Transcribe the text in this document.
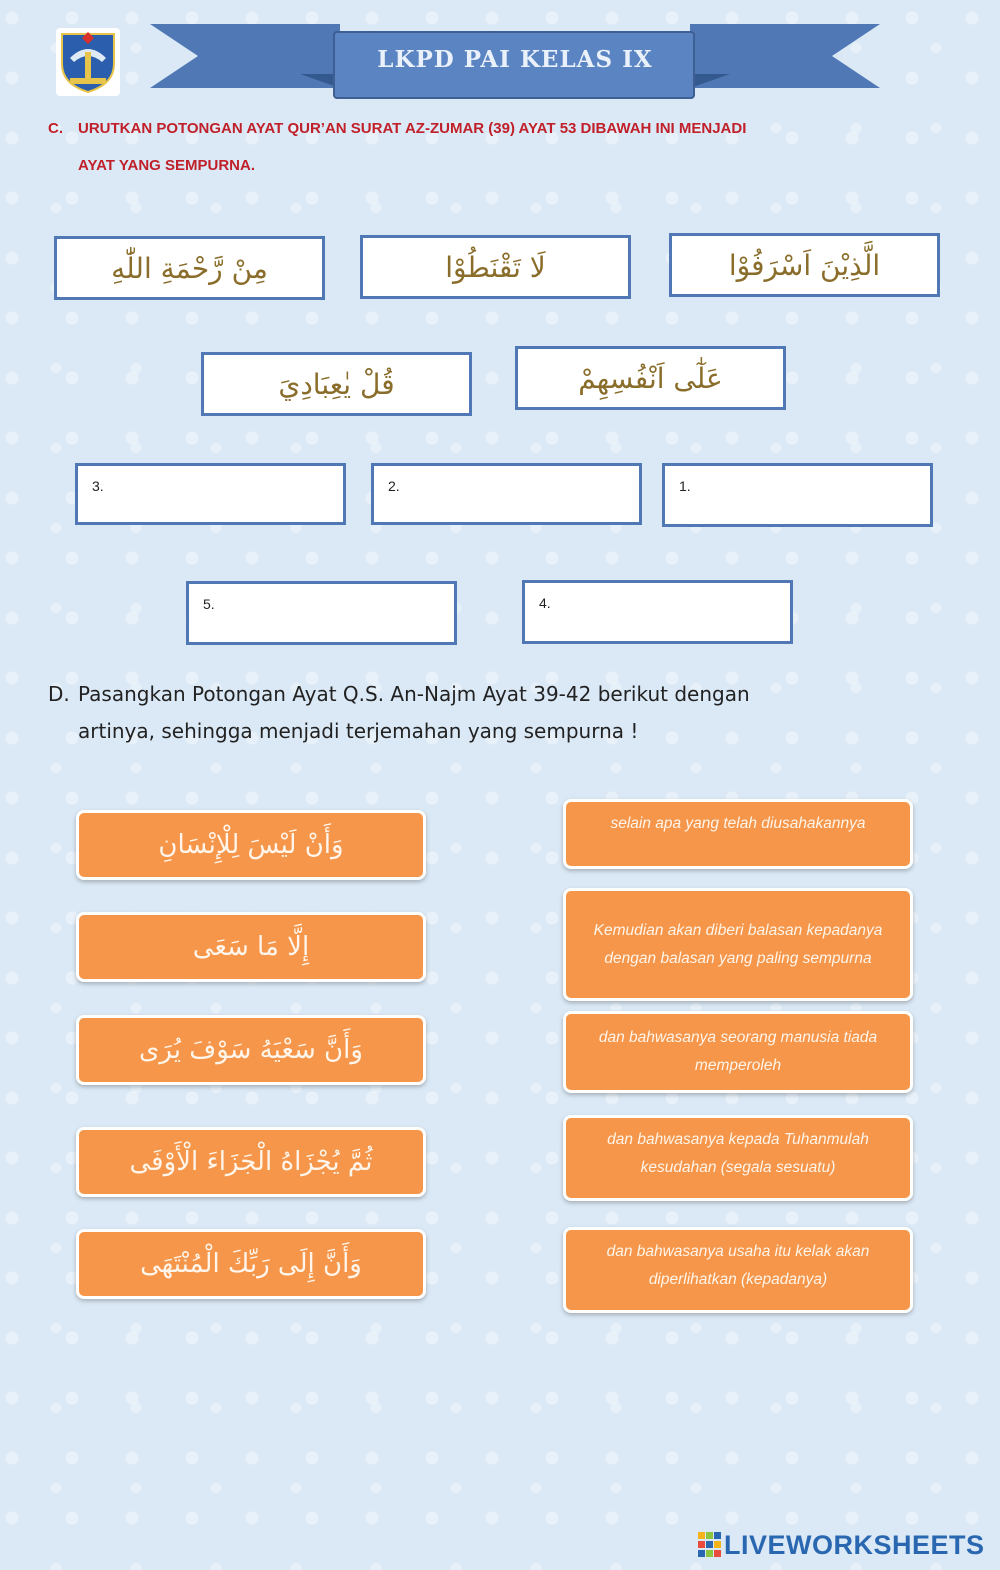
LKPD PAI KELAS IX
C. URUTKAN POTONGAN AYAT QUR’AN SURAT AZ-ZUMAR (39) AYAT 53 DIBAWAH INI MENJADI
AYAT YANG SEMPURNA.
مِنْ رَّحْمَةِ اللّٰهِ	لَا تَقْنَطُوْا	الَّذِيْنَ اَسْرَفُوْا
قُلْ يٰعِبَادِيَ	عَلٰٓى اَنْفُسِهِمْ
3.	2.	1.
5.	4.
D. Pasangkan Potongan Ayat Q.S. An-Najm Ayat 39-42 berikut dengan
artinya, sehingga menjadi terjemahan yang sempurna !
وَأَنْ لَيْسَ لِلْإِنْسَانِ
إِلَّا مَا سَعَى
وَأَنَّ سَعْيَهُ سَوْفَ يُرَى
ثُمَّ يُجْزَاهُ الْجَزَاءَ الْأَوْفَى
وَأَنَّ إِلَى رَبِّكَ الْمُنْتَهَى
selain apa yang telah diusahakannya
Kemudian akan diberi balasan kepadanya dengan balasan yang paling sempurna
dan bahwasanya seorang manusia tiada memperoleh
dan bahwasanya kepada Tuhanmulah kesudahan (segala sesuatu)
dan bahwasanya usaha itu kelak akan diperlihatkan (kepadanya)
LIVEWORKSHEETS
